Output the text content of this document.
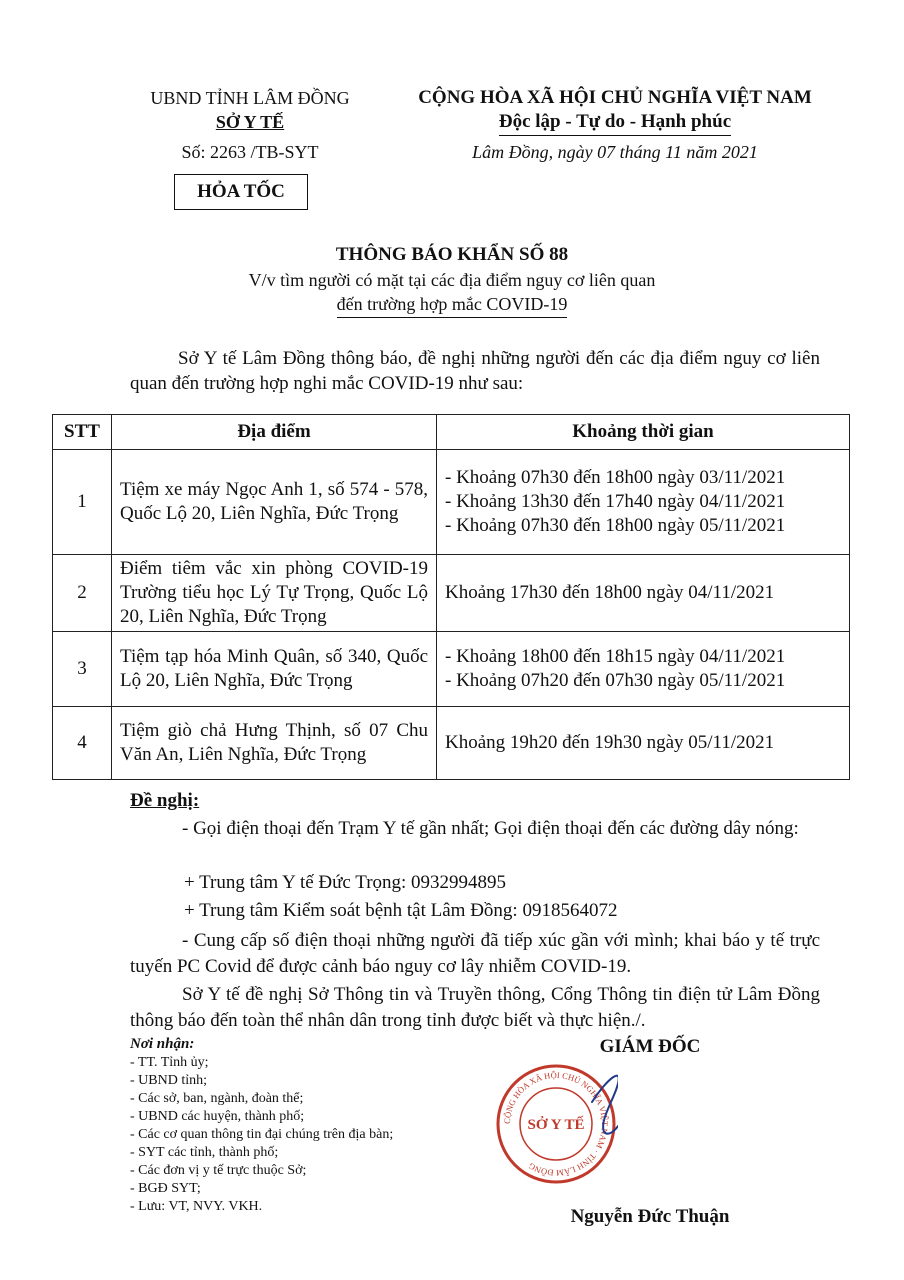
UBND TỈNH LÂM ĐỒNG
SỞ Y TẾ
Số: 2263 /TB-SYT
HỎA TỐC
CỘNG HÒA XÃ HỘI CHỦ NGHĨA VIỆT NAM
Độc lập - Tự do - Hạnh phúc
Lâm Đồng, ngày 07 tháng 11 năm 2021
THÔNG BÁO KHẨN SỐ 88
V/v tìm người có mặt tại các địa điểm nguy cơ liên quan
đến trường hợp mắc COVID-19
Sở Y tế Lâm Đồng thông báo, đề nghị những người đến các địa điểm nguy cơ liên quan đến trường hợp nghi mắc COVID-19 như sau:
STT	Địa điểm	Khoảng thời gian
1	Tiệm xe máy Ngọc Anh 1, số 574 - 578, Quốc Lộ 20, Liên Nghĩa, Đức Trọng	- Khoảng 07h30 đến 18h00 ngày 03/11/2021
- Khoảng 13h30 đến 17h40 ngày 04/11/2021
- Khoảng 07h30 đến 18h00 ngày 05/11/2021

2	Điểm tiêm vắc xin phòng COVID-19 Trường tiểu học Lý Tự Trọng, Quốc Lộ 20, Liên Nghĩa, Đức Trọng	Khoảng 17h30 đến 18h00 ngày 04/11/2021

3	Tiệm tạp hóa Minh Quân, số 340, Quốc Lộ 20, Liên Nghĩa, Đức Trọng	- Khoảng 18h00 đến 18h15 ngày 04/11/2021
- Khoảng 07h20 đến 07h30 ngày 05/11/2021

4	Tiệm giò chả Hưng Thịnh, số 07 Chu Văn An, Liên Nghĩa, Đức Trọng	Khoảng 19h20 đến 19h30 ngày 05/11/2021
Đề nghị:
- Gọi điện thoại đến Trạm Y tế gần nhất; Gọi điện thoại đến các đường dây nóng:
+ Trung tâm Y tế Đức Trọng: 0932994895
+ Trung tâm Kiểm soát bệnh tật Lâm Đồng: 0918564072
- Cung cấp số điện thoại những người đã tiếp xúc gần với mình; khai báo y tế trực tuyến PC Covid để được cảnh báo nguy cơ lây nhiễm COVID-19.
Sở Y tế đề nghị Sở Thông tin và Truyền thông, Cổng Thông tin điện tử Lâm Đồng thông báo đến toàn thể nhân dân trong tỉnh được biết và thực hiện./.
Nơi nhận:
- TT. Tỉnh ủy;
- UBND tỉnh;
- Các sở, ban, ngành, đoàn thể;
- UBND các huyện, thành phố;
- Các cơ quan thông tin đại chúng trên địa bàn;
- SYT các tỉnh, thành phố;
- Các đơn vị y tế trực thuộc Sở;
- BGĐ SYT;
- Lưu: VT, NVY. VKH.
GIÁM ĐỐC
CỘNG HÒA XÃ HỘI CHỦ NGHĨA VIỆT NAM · TỈNH LÂM ĐỒNG
SỞ Y TẾ
Nguyễn Đức Thuận
